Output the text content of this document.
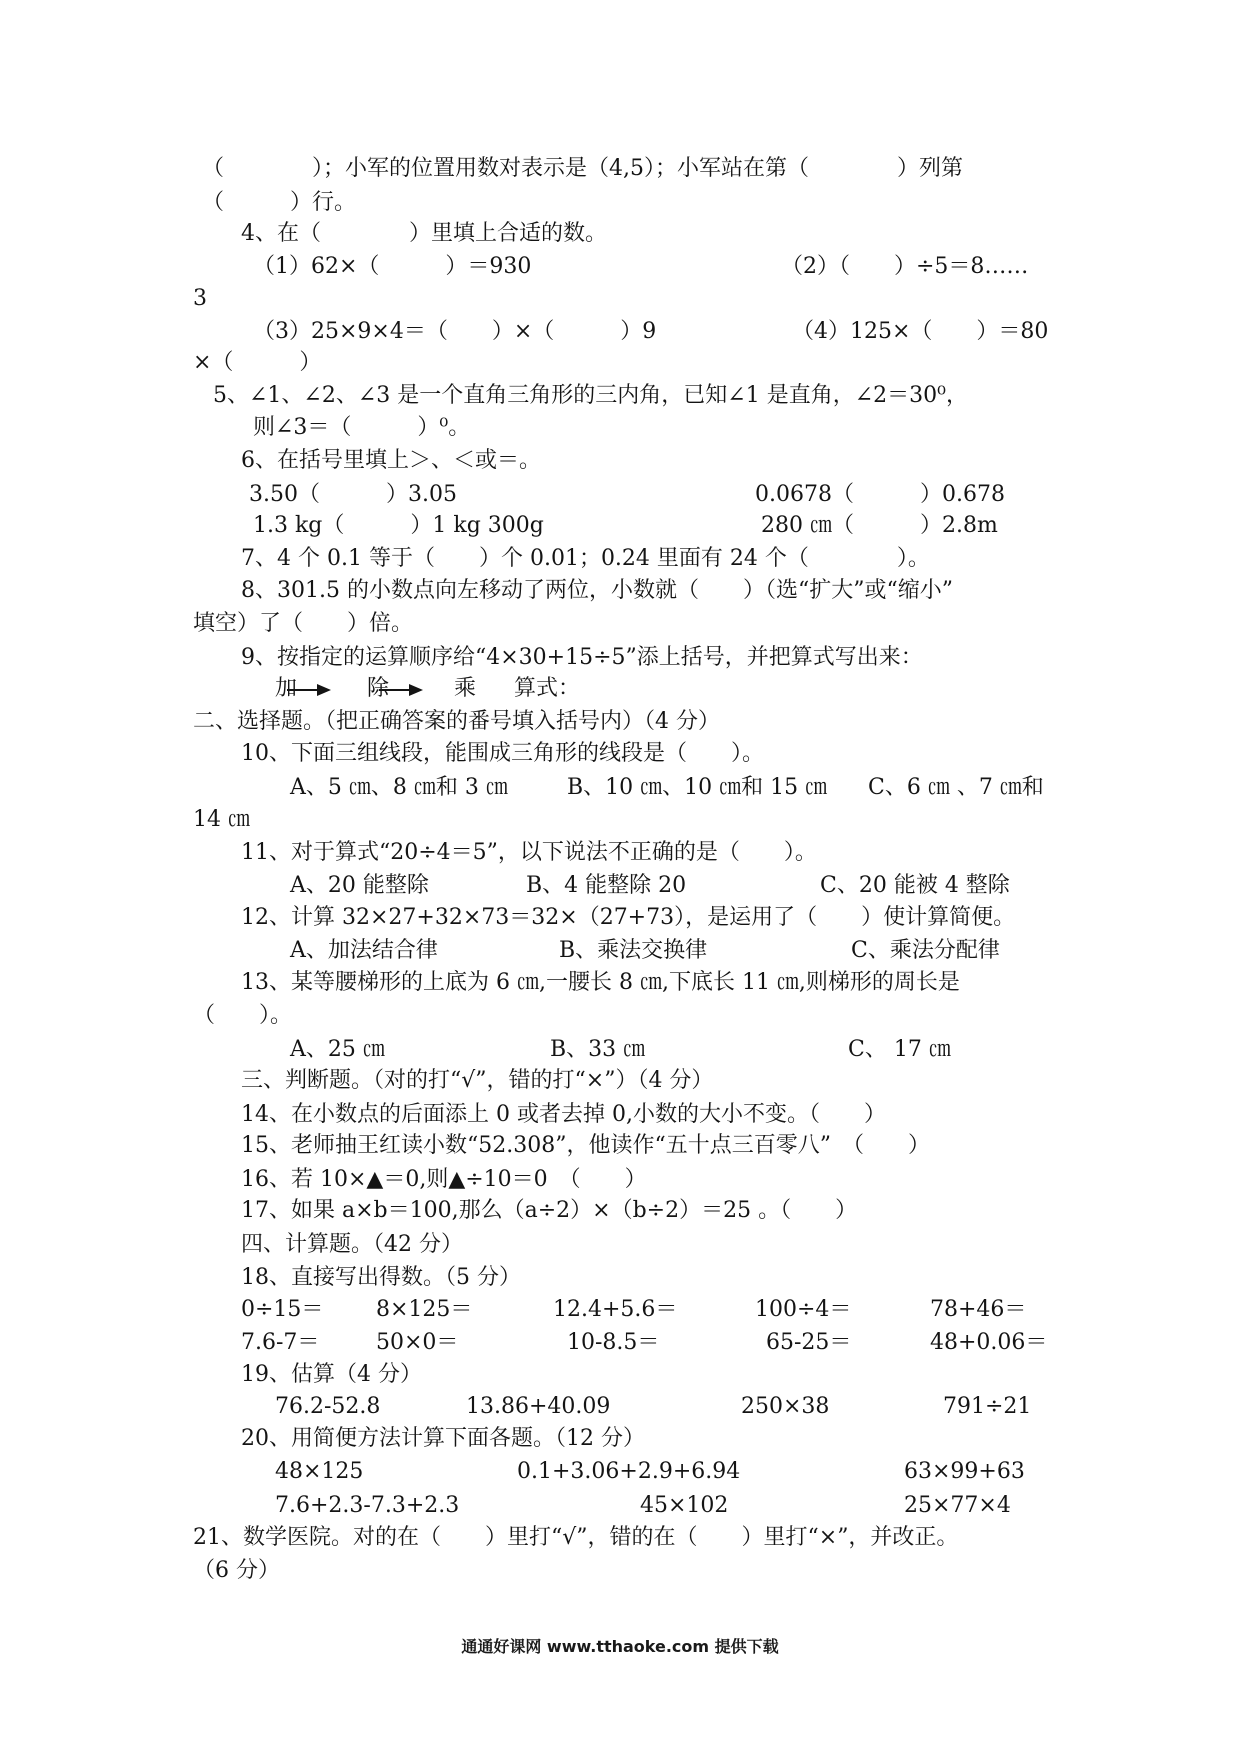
（　　　　）；小军的位置用数对表示是（4,5）；小军站在第（　　　　）列第
（　　　）行。
4、在（　　　　）里填上合适的数。
（1）62×（　　　）＝930	（2）（　　）÷5＝8……
3
（3）25×9×4＝（　　）×（　　　）9	（4）125×（　　）＝80
×（　　　）
5、∠1、∠2、∠3 是一个直角三角形的三内角，已知∠1 是直角，∠2＝30⁰，
则∠3＝（　　　）⁰。
6、在括号里填上＞、＜或＝。
3.50（　　　）3.05	0.0678（　　　）0.678
1.3 kg（　　　）1 kg 300g	280 ㎝（　　　）2.8m
7、4 个 0.1 等于（　　）个 0.01；0.24 里面有 24 个（　　　　）。
8、301.5 的小数点向左移动了两位，小数就（　　）（选“扩大”或“缩小”
填空）了（　　）倍。
9、按指定的运算顺序给“4×30+15÷5”添上括号，并把算式写出来：
加	除	乘 算式：
二、选择题。（把正确答案的番号填入括号内）（4 分）
10、下面三组线段，能围成三角形的线段是（　　）。
A、5 ㎝、8 ㎝和 3 ㎝	B、10 ㎝、10 ㎝和 15 ㎝ C、6 ㎝ 、7 ㎝和
14 ㎝
11、对于算式“20÷4＝5”，以下说法不正确的是（　　）。
A、20 能整除	B、4 能整除 20	C、20 能被 4 整除
12、计算 32×27+32×73＝32×（27+73），是运用了（　　）使计算简便。
A、加法结合律	B、乘法交换律	C、乘法分配律
13、某等腰梯形的上底为 6 ㎝,一腰长 8 ㎝,下底长 11 ㎝,则梯形的周长是
（　　）。
A、25 ㎝	B、33 ㎝	C、 17 ㎝
三、判断题。（对的打“√”，错的打“×”）（4 分）
14、在小数点的后面添上 0 或者去掉 0,小数的大小不变。（　　）
15、老师抽王红读小数“52.308”，他读作“五十点三百零八”　（　　）
16、若 10×▲＝0,则▲÷10＝0　（　　）
17、如果 a×b＝100,那么（a÷2）×（b÷2）＝25 。（　　）
四、计算题。（42 分）
18、直接写出得数。（5 分）
0÷15＝ 8×125＝	12.4+5.6＝	100÷4＝	78+46＝
7.6-7＝	50×0＝	10-8.5＝	65-25＝	48+0.06＝
19、估算（4 分）
76.2-52.8	13.86+40.09	250×38	791÷21
20、用简便方法计算下面各题。（12 分）
48×125	0.1+3.06+2.9+6.94	63×99+63
7.6+2.3-7.3+2.3	45×102	25×77×4
21、数学医院。对的在（　　）里打“√”，错的在（　　）里打“×”，并改正。
（6 分）
通通好课网 www.tthaoke.com 提供下载
